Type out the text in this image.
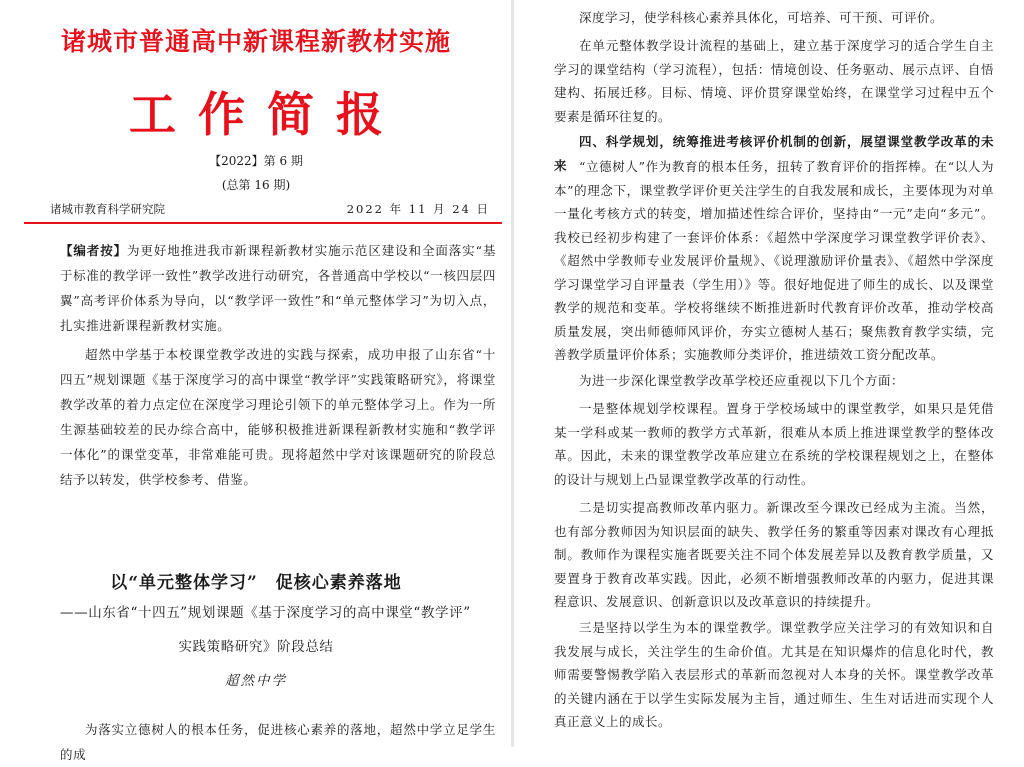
诸城市普通高中新课程新教材实施
工作简报
【2022】第 6 期
(总第 16 期)
诸城市教育科学研究院	2022 年 11 月 24 日
【编者按】为更好地推进我市新课程新教材实施示范区建设和全面落实“基于标准的教学评一致性”教学改进行动研究，各普通高中学校以“一核四层四翼”高考评价体系为导向，以“教学评一致性”和“单元整体学习”为切入点，扎实推进新课程新教材实施。
超然中学基于本校课堂教学改进的实践与探索，成功申报了山东省“十四五”规划课题《基于深度学习的高中课堂“教学评”实践策略研究》，将课堂教学改革的着力点定位在深度学习理论引领下的单元整体学习上。作为一所生源基础较差的民办综合高中，能够积极推进新课程新教材实施和“教学评一体化”的课堂变革，非常难能可贵。现将超然中学对该课题研究的阶段总结予以转发，供学校参考、借鉴。
以“单元整体学习”　促核心素养落地
——山东省“十四五”规划课题《基于深度学习的高中课堂“教学评”
实践策略研究》阶段总结
超然中学
为落实立德树人的根本任务，促进核心素养的落地，超然中学立足学生的成
深度学习，使学科核心素养具体化，可培养、可干预、可评价。
在单元整体教学设计流程的基础上，建立基于深度学习的适合学生自主学习的课堂结构（学习流程），包括：情境创设、任务驱动、展示点评、自悟建构、拓展迁移。目标、情境、评价贯穿课堂始终，在课堂学习过程中五个要素是循环往复的。
四、科学规划，统筹推进考核评价机制的创新，展望课堂教学改革的未来 “立德树人”作为教育的根本任务，扭转了教育评价的指挥棒。在“以人为本”的理念下，课堂教学评价更关注学生的自我发展和成长，主要体现为对单一量化考核方式的转变，增加描述性综合评价，坚持由“一元”走向“多元”。我校已经初步构建了一套评价体系：《超然中学深度学习课堂教学评价表》、《超然中学教师专业发展评价量规》、《说理激励评价量表》、《超然中学深度学习课堂学习自评量表（学生用）》等。很好地促进了师生的成长、以及课堂教学的规范和变革。学校将继续不断推进新时代教育评价改革，推动学校高质量发展，突出师德师风评价，夯实立德树人基石；聚焦教育教学实绩，完善教学质量评价体系；实施教师分类评价，推进绩效工资分配改革。
为进一步深化课堂教学改革学校还应重视以下几个方面：
一是整体规划学校课程。置身于学校场域中的课堂教学，如果只是凭借某一学科或某一教师的教学方式革新，很难从本质上推进课堂教学的整体改革。因此，未来的课堂教学改革应建立在系统的学校课程规划之上，在整体的设计与规划上凸显课堂教学改革的行动性。
二是切实提高教师改革内驱力。新课改至今课改已经成为主流。当然，也有部分教师因为知识层面的缺失、教学任务的繁重等因素对课改有心理抵制。教师作为课程实施者既要关注不同个体发展差异以及教育教学质量，又要置身于教育改革实践。因此，必须不断增强教师改革的内驱力，促进其课程意识、发展意识、创新意识以及改革意识的持续提升。
三是坚持以学生为本的课堂教学。课堂教学应关注学习的有效知识和自我发展与成长，关注学生的生命价值。尤其是在知识爆炸的信息化时代，教师需要警惕教学陷入表层形式的革新而忽视对人本身的关怀。课堂教学改革的关键内涵在于以学生实际发展为主旨，通过师生、生生对话进而实现个人真正意义上的成长。
